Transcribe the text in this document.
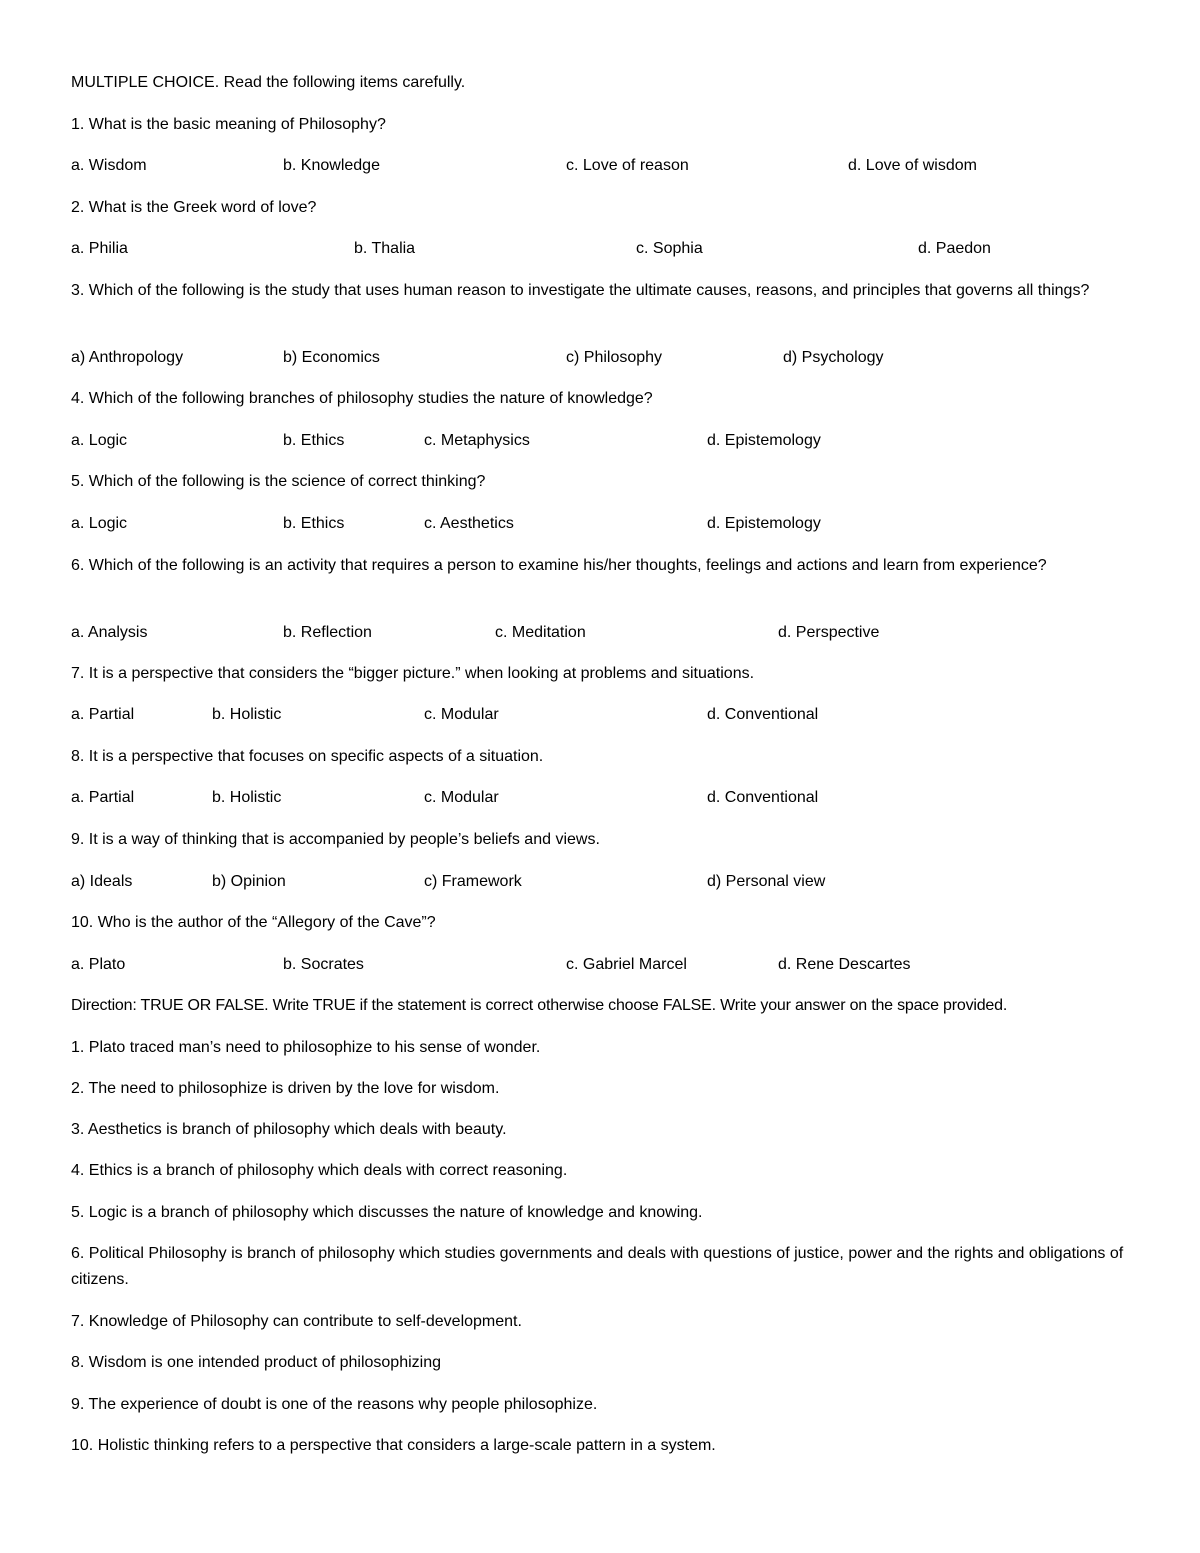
MULTIPLE CHOICE. Read the following items carefully.
1. What is the basic meaning of Philosophy?
a. Wisdom	b. Knowledge	c. Love of reason	d. Love of wisdom
2. What is the Greek word of love?
a. Philia	b. Thalia	c. Sophia	d. Paedon
3. Which of the following is the study that uses human reason to investigate the ultimate causes, reasons, and principles that governs all things?
a) Anthropology	b) Economics	c) Philosophy	d) Psychology
4. Which of the following branches of philosophy studies the nature of knowledge?
a. Logic	b. Ethics	c. Metaphysics	d. Epistemology
5. Which of the following is the science of correct thinking?
a. Logic	b. Ethics	c. Aesthetics	d. Epistemology
6. Which of the following is an activity that requires a person to examine his/her thoughts, feelings and actions and learn from experience?
a. Analysis	b. Reflection	c. Meditation	d. Perspective
7. It is a perspective that considers the “bigger picture.” when looking at problems and situations.
a. Partial	b. Holistic	c. Modular	d. Conventional
8. It is a perspective that focuses on specific aspects of a situation.
a. Partial	b. Holistic	c. Modular	d. Conventional
9. It is a way of thinking that is accompanied by people’s beliefs and views.
a) Ideals	b) Opinion	c) Framework	d) Personal view
10. Who is the author of the “Allegory of the Cave”?
a. Plato	b. Socrates	c. Gabriel Marcel	d. Rene Descartes
Direction: TRUE OR FALSE. Write TRUE if the statement is correct otherwise choose FALSE. Write your answer on the space provided.
1. Plato traced man’s need to philosophize to his sense of wonder.
2. The need to philosophize is driven by the love for wisdom.
3. Aesthetics is branch of philosophy which deals with beauty.
4. Ethics is a branch of philosophy which deals with correct reasoning.
5. Logic is a branch of philosophy which discusses the nature of knowledge and knowing.
6. Political Philosophy is branch of philosophy which studies governments and deals with questions of justice, power and the rights and obligations of citizens.
7. Knowledge of Philosophy can contribute to self-development.
8. Wisdom is one intended product of philosophizing
9. The experience of doubt is one of the reasons why people philosophize.
10. Holistic thinking refers to a perspective that considers a large-scale pattern in a system.
